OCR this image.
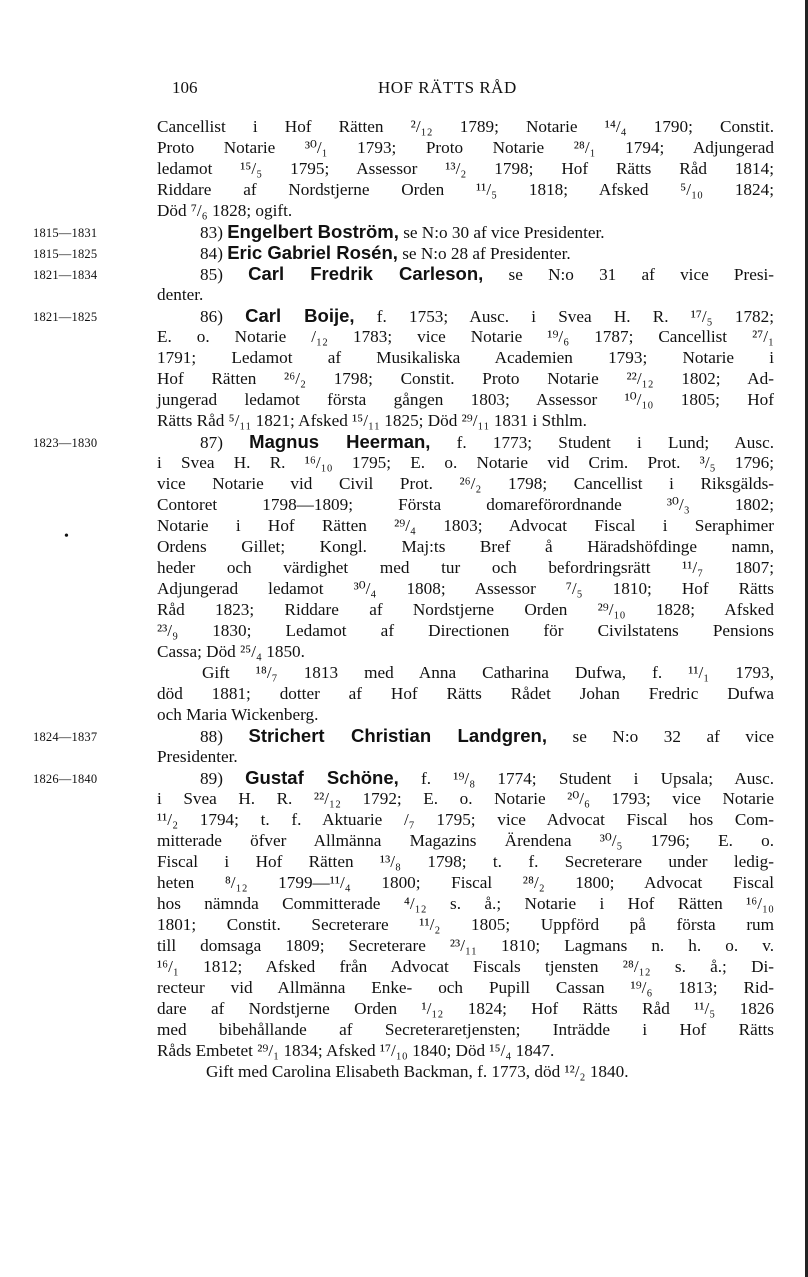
106	HOF RÄTTS RÅD
Cancellist i Hof Rätten ²/₁₂ 1789; Notarie ¹⁴/₄ 1790; Constit.
Proto Notarie ³⁰/₁ 1793; Proto Notarie ²⁸/₁ 1794; Adjungerad
ledamot ¹⁵/₅ 1795; Assessor ¹³/₂ 1798; Hof Rätts Råd 1814;
Riddare af Nordstjerne Orden ¹¹/₅ 1818; Afsked ⁵/₁₀ 1824;
Död ⁷/₆ 1828; ogift.
1815—1831	83) Engelbert Boström, se N:o 30 af vice Presidenter.
1815—1825	84) Eric Gabriel Rosén, se N:o 28 af Presidenter.
1821—1834	85) Carl Fredrik Carleson, se N:o 31 af vice Presi-
denter.
1821—1825	86) Carl Boije, f. 1753; Ausc. i Svea H. R. ¹⁷/₅ 1782;
E. o. Notarie /₁₂ 1783; vice Notarie ¹⁹/₆ 1787; Cancellist ²⁷/₁
1791; Ledamot af Musikaliska Academien 1793; Notarie i
Hof Rätten ²⁶/₂ 1798; Constit. Proto Notarie ²²/₁₂ 1802; Ad-
jungerad ledamot första gången 1803; Assessor ¹⁰/₁₀ 1805; Hof
•
Rätts Råd ⁵/₁₁ 1821; Afsked ¹⁵/₁₁ 1825; Död ²⁹/₁₁ 1831 i Sthlm.
1823—1830	87) Magnus Heerman, f. 1773; Student i Lund; Ausc.
i Svea H. R. ¹⁶/₁₀ 1795; E. o. Notarie vid Crim. Prot. ³/₅ 1796;
vice Notarie vid Civil Prot. ²⁶/₂ 1798; Cancellist i Riksgälds-
Contoret 1798—1809; Första domareförordnande ³⁰/₃ 1802;
Notarie i Hof Rätten ²⁹/₄ 1803; Advocat Fiscal i Seraphimer
Ordens Gillet; Kongl. Maj:ts Bref å Häradshöfdinge namn,
heder och värdighet med tur och befordringsrätt ¹¹/₇ 1807;
Adjungerad ledamot ³⁰/₄ 1808; Assessor ⁷/₅ 1810; Hof Rätts
Råd 1823; Riddare af Nordstjerne Orden ²⁹/₁₀ 1828; Afsked
²³/₉ 1830; Ledamot af Directionen för Civilstatens Pensions
Cassa; Död ²⁵/₄ 1850.
Gift ¹⁸/₇ 1813 med Anna Catharina Dufwa, f. ¹¹/₁ 1793,
död 1881; dotter af Hof Rätts Rådet Johan Fredric Dufwa
och Maria Wickenberg.
1824—1837	88) Strichert Christian Landgren, se N:o 32 af vice
Presidenter.
1826—1840	89) Gustaf Schöne, f. ¹⁹/₈ 1774; Student i Upsala; Ausc.
i Svea H. R. ²²/₁₂ 1792; E. o. Notarie ²⁰/₆ 1793; vice Notarie
¹¹/₂ 1794; t. f. Aktuarie /₇ 1795; vice Advocat Fiscal hos Com-
mitterade öfver Allmänna Magazins Ärendena ³⁰/₅ 1796; E. o.
Fiscal i Hof Rätten ¹³/₈ 1798; t. f. Secreterare under ledig-
heten ⁸/₁₂ 1799—¹¹/₄ 1800; Fiscal ²⁸/₂ 1800; Advocat Fiscal
hos nämnda Committerade ⁴/₁₂ s. å.; Notarie i Hof Rätten ¹⁶/₁₀
1801; Constit. Secreterare ¹¹/₂ 1805; Uppförd på första rum
till domsaga 1809; Secreterare ²³/₁₁ 1810; Lagmans n. h. o. v.
¹⁶/₁ 1812; Afsked från Advocat Fiscals tjensten ²⁸/₁₂ s. å.; Di-
recteur vid Allmänna Enke- och Pupill Cassan ¹⁹/₆ 1813; Rid-
dare af Nordstjerne Orden ¹/₁₂ 1824; Hof Rätts Råd ¹¹/₅ 1826
med bibehållande af Secreteraretjensten; Inträdde i Hof Rätts
Råds Embetet ²⁹/₁ 1834; Afsked ¹⁷/₁₀ 1840; Död ¹⁵/₄ 1847.
Gift med Carolina Elisabeth Backman, f. 1773, död ¹²/₂ 1840.
